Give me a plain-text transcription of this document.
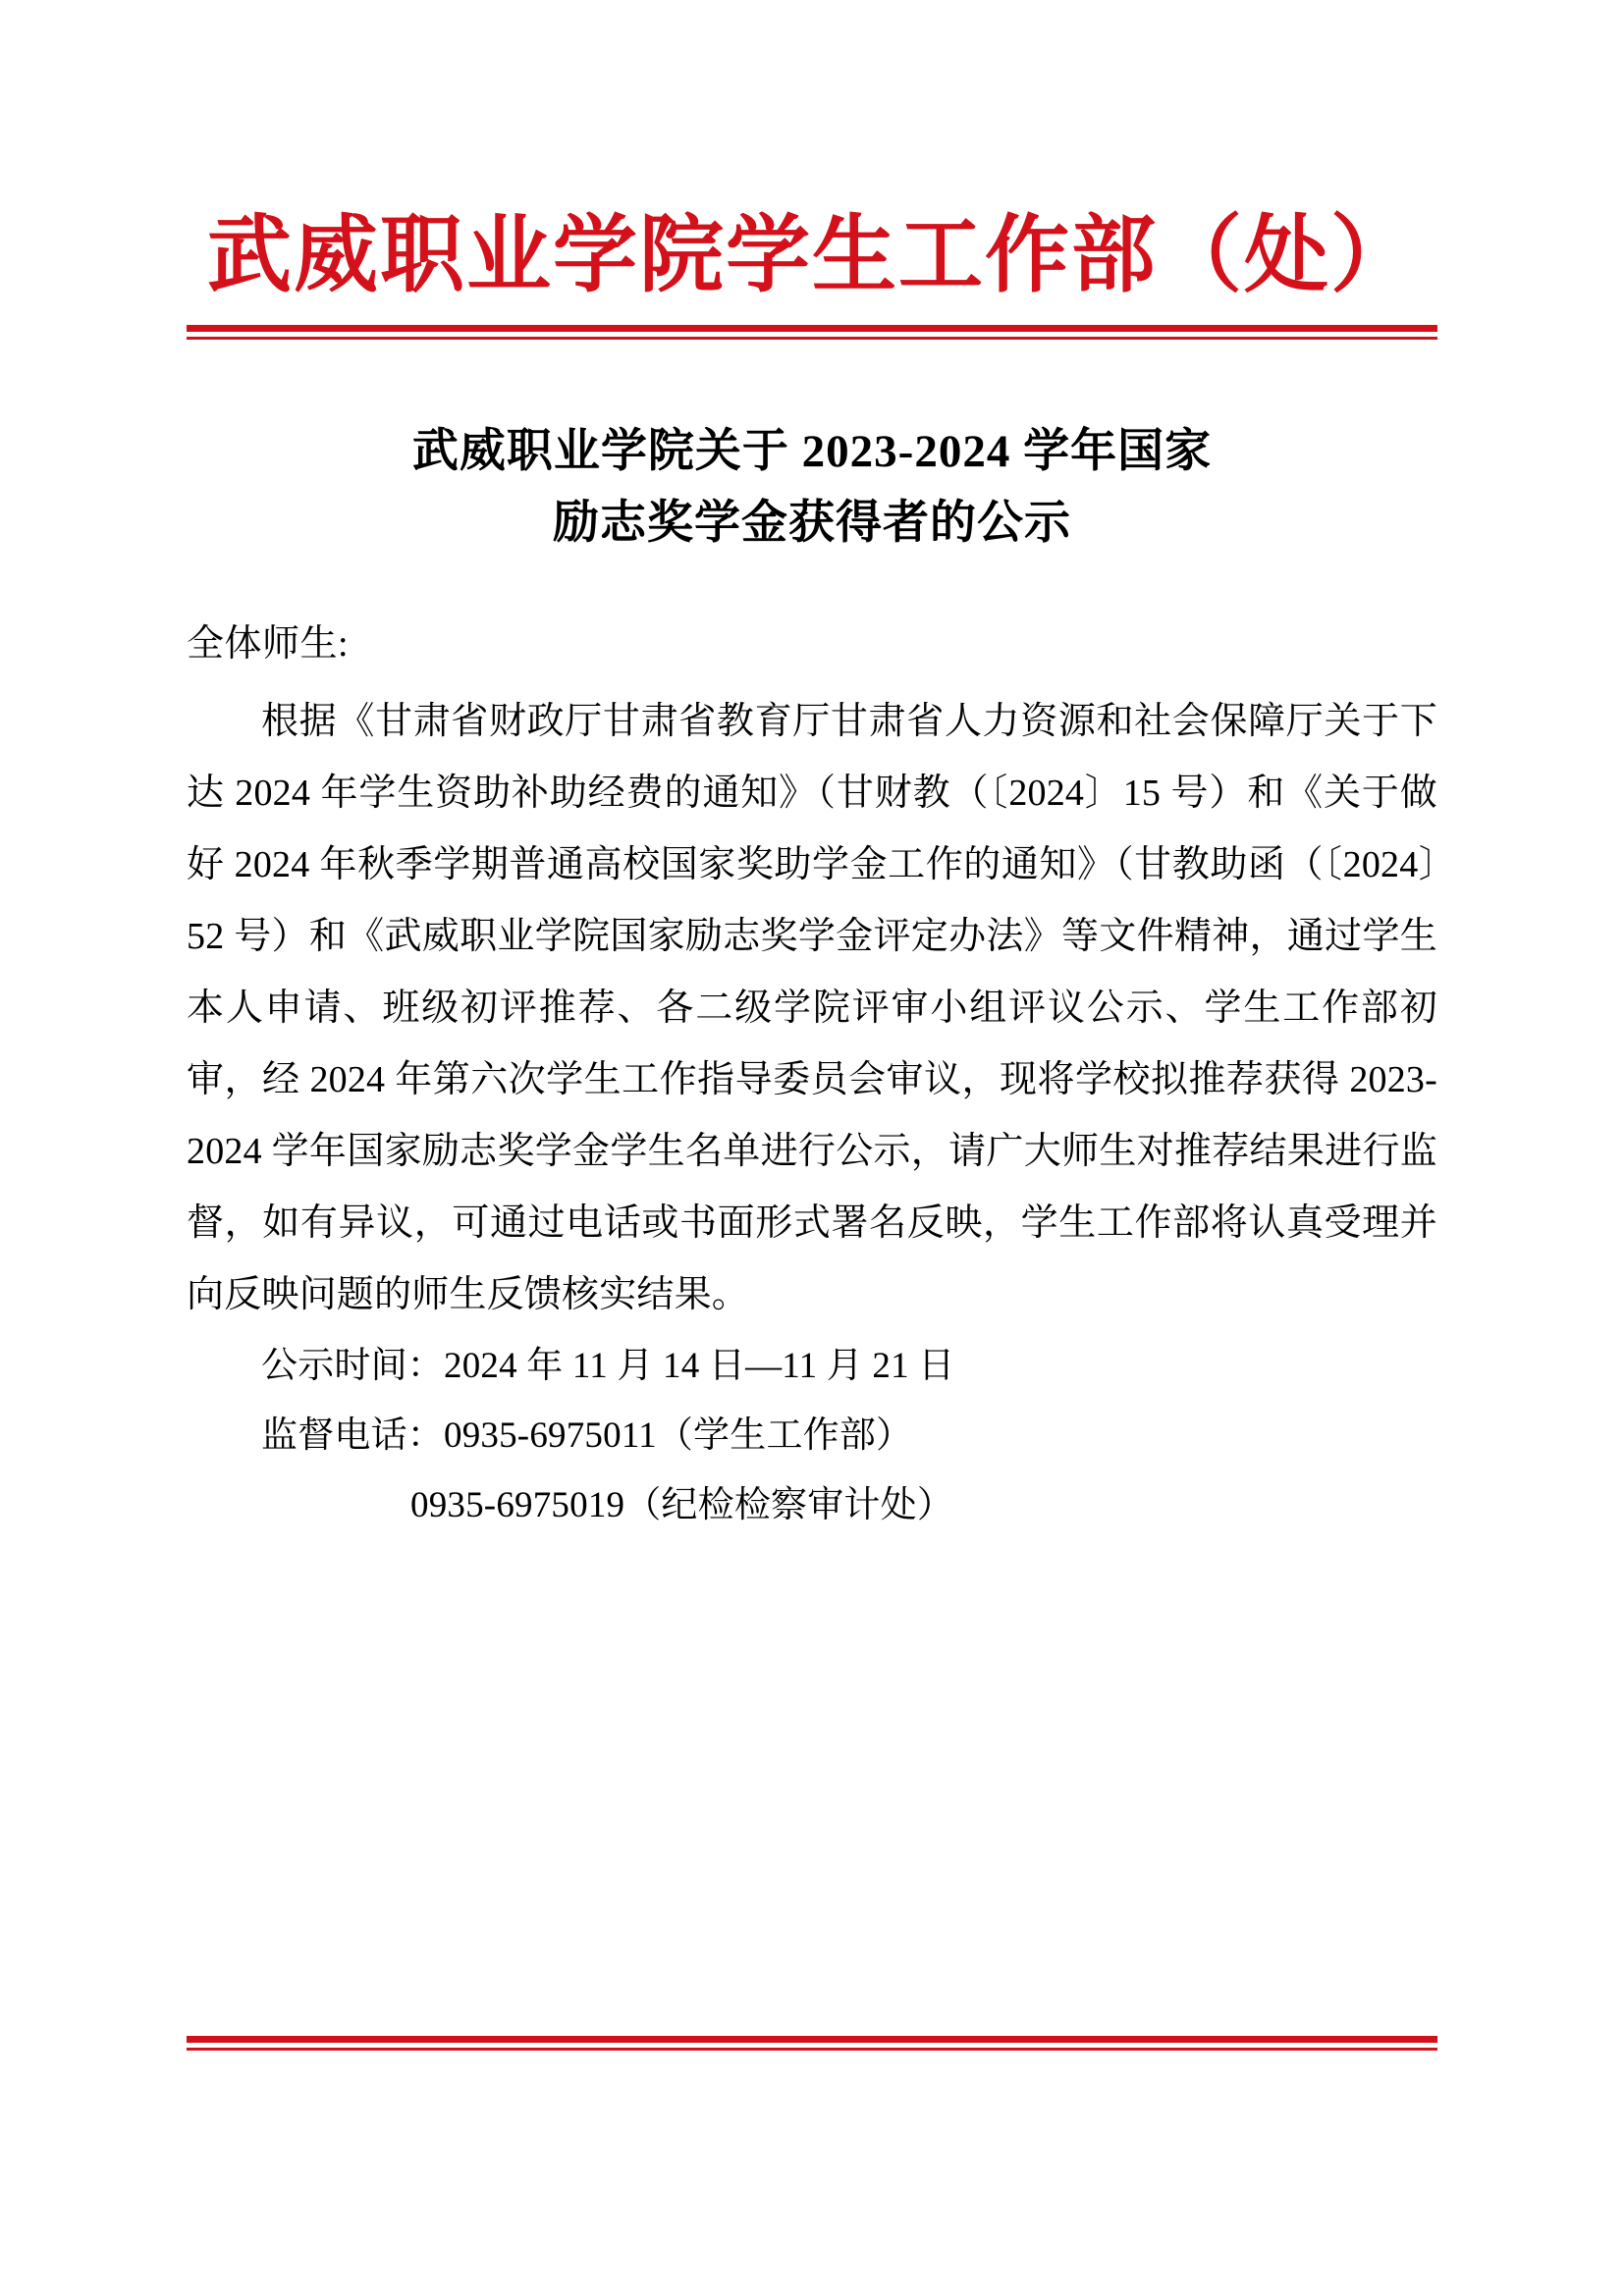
武威职业学院学生工作部（处）
武威职业学院关于 2023-2024 学年国家
励志奖学金获得者的公示
全体师生:
根据《甘肃省财政厅甘肃省教育厅甘肃省人力资源和社会保障厅关于下达 2024 年学生资助补助经费的通知》（甘财教（〔2024〕15 号）和《关于做好 2024 年秋季学期普通高校国家奖助学金工作的通知》（甘教助函（〔2024〕52 号）和《武威职业学院国家励志奖学金评定办法》等文件精神，通过学生本人申请、班级初评推荐、各二级学院评审小组评议公示、学生工作部初审，经 2024 年第六次学生工作指导委员会审议，现将学校拟推荐获得 2023-2024 学年国家励志奖学金学生名单进行公示，请广大师生对推荐结果进行监督，如有异议，可通过电话或书面形式署名反映，学生工作部将认真受理并向反映问题的师生反馈核实结果。
公示时间：2024 年 11 月 14 日—11 月 21 日
监督电话：0935-6975011（学生工作部）
0935-6975019（纪检检察审计处）
